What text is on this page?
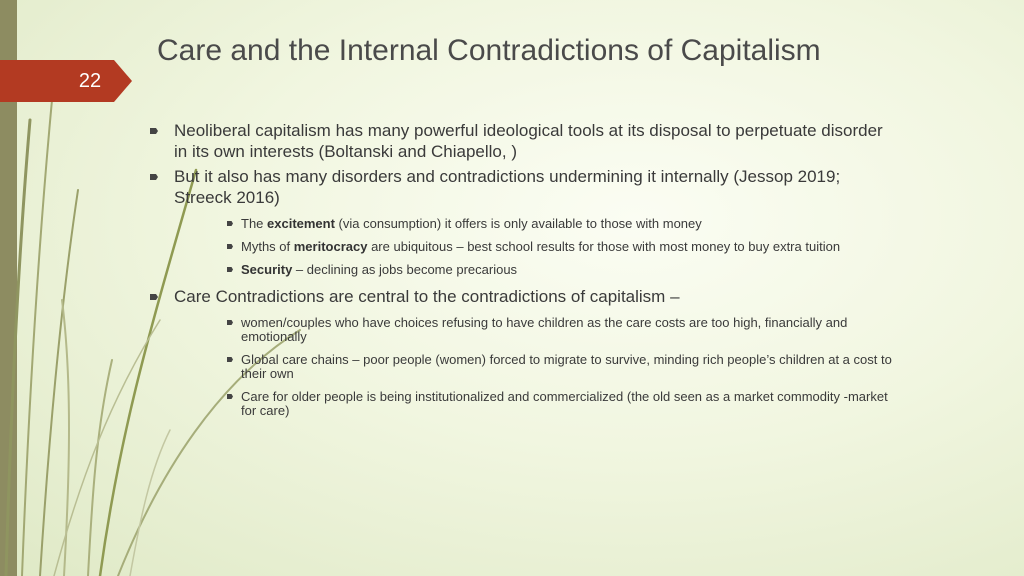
22
Care and the Internal Contradictions of Capitalism
Neoliberal capitalism has many powerful ideological tools at its disposal to perpetuate disorder in its own interests (Boltanski and Chiapello, )
But it also has many disorders and contradictions undermining it internally (Jessop 2019; Streeck 2016)
The excitement (via consumption) it offers is only available to those with money
Myths of meritocracy are ubiquitous – best school results for those with most money to buy extra tuition
Security – declining as jobs become precarious
Care Contradictions are central to the contradictions of capitalism –
women/couples who have choices refusing to have children as the care costs are too high, financially and emotionally
Global care chains – poor people (women) forced to migrate to survive, minding rich people’s children at a cost to their own
Care for older people is being institutionalized and commercialized (the old seen as a market commodity -market for care)
